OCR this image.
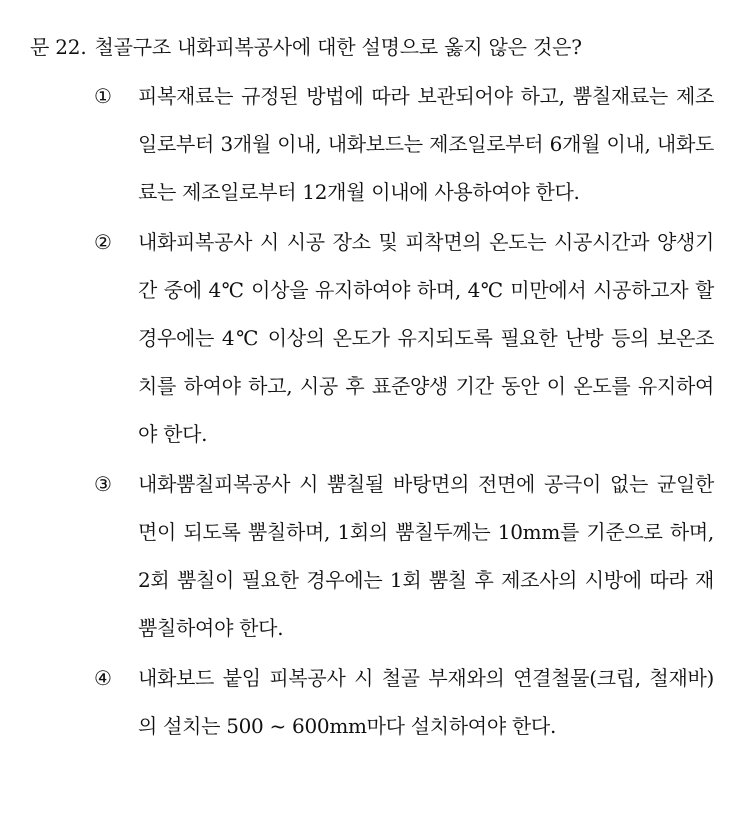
문 22. 철골구조 내화피복공사에 대한 설명으로 옳지 않은 것은?
①	피복재료는 규정된 방법에 따라 보관되어야 하고, 뿜칠재료는 제조일로부터 3개월 이내, 내화보드는 제조일로부터 6개월 이내, 내화도료는 제조일로부터 12개월 이내에 사용하여야 한다.
②	내화피복공사 시 시공 장소 및 피착면의 온도는 시공시간과 양생기간 중에 4℃ 이상을 유지하여야 하며, 4℃ 미만에서 시공하고자 할 경우에는 4℃ 이상의 온도가 유지되도록 필요한 난방 등의 보온조치를 하여야 하고, 시공 후 표준양생 기간 동안 이 온도를 유지하여야 한다.
③	내화뿜칠피복공사 시 뿜칠될 바탕면의 전면에 공극이 없는 균일한 면이 되도록 뿜칠하며, 1회의 뿜칠두께는 10mm를 기준으로 하며, 2회 뿜칠이 필요한 경우에는 1회 뿜칠 후 제조사의 시방에 따라 재뿜칠하여야 한다.
④	내화보드 붙임 피복공사 시 철골 부재와의 연결철물(크립, 철재바)의 설치는 500 ~ 600mm마다 설치하여야 한다.
